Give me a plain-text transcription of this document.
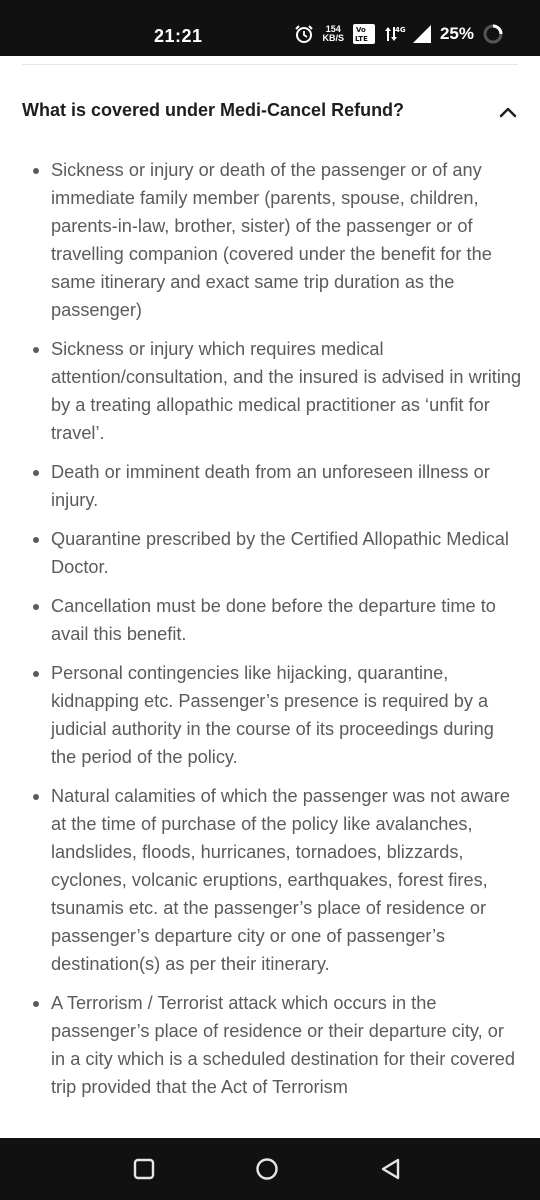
21:21	154
KB/S
Vo
LTE
4G 25%
What is covered under Medi-Cancel Refund?
Sickness or injury or death of the passenger or of any immediate family member (parents, spouse, children, parents-in-law, brother, sister) of the passenger or of travelling companion (covered under the benefit for the same itinerary and exact same trip duration as the passenger)
Sickness or injury which requires medical attention/consultation, and the insured is advised in writing by a treating allopathic medical practitioner as ‘unfit for travel’.
Death or imminent death from an unforeseen illness or injury.
Quarantine prescribed by the Certified Allopathic Medical Doctor.
Cancellation must be done before the departure time to avail this benefit.
Personal contingencies like hijacking, quarantine, kidnapping etc. Passenger’s presence is required by a judicial authority in the course of its proceedings during the period of the policy.
Natural calamities of which the passenger was not aware at the time of purchase of the policy like avalanches, landslides, floods, hurricanes, tornadoes, blizzards, cyclones, volcanic eruptions, earthquakes, forest fires, tsunamis etc. at the passenger’s place of residence or passenger’s departure city or one of passenger’s destination(s) as per their itinerary.
A Terrorism / Terrorist attack which occurs in the passenger’s place of residence or their departure city, or in a city which is a scheduled destination for their covered trip provided that the Act of Terrorism
